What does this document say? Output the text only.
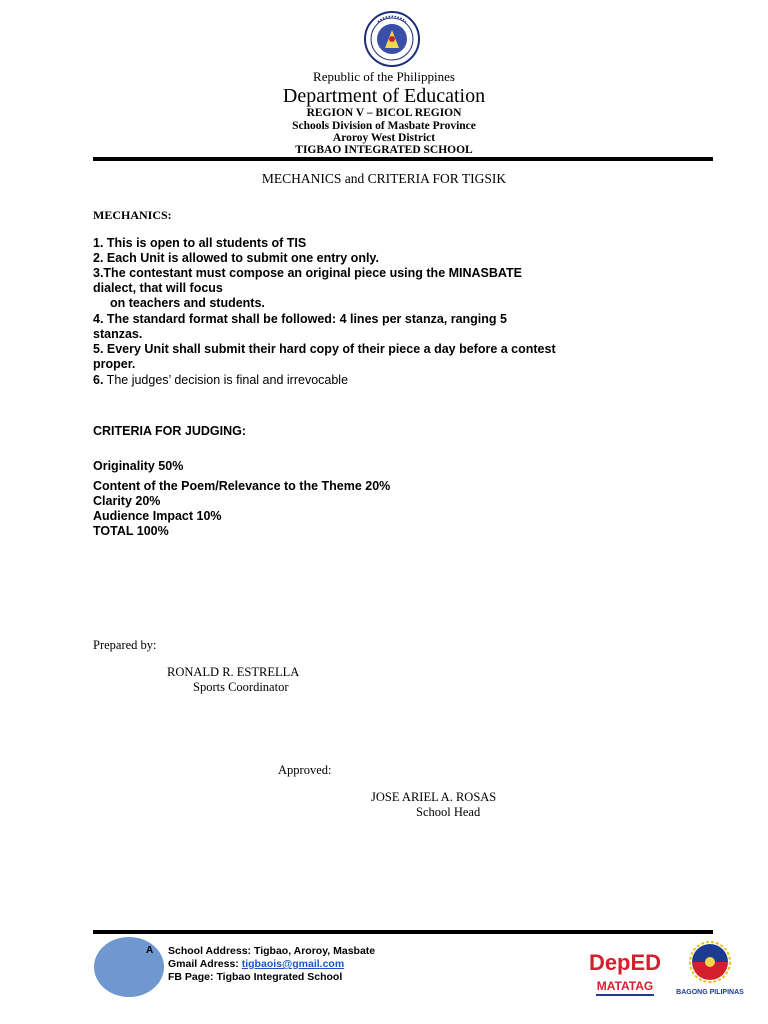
Republic of the Philippines
Department of Education
REGION V – BICOL REGION
Schools Division of Masbate Province
Aroroy West District
TIGBAO INTEGRATED SCHOOL
MECHANICS and CRITERIA FOR TIGSIK
MECHANICS:
1. This is open to all students of TIS
2. Each Unit is allowed to submit one entry only.
3.The contestant must compose an original piece using the MINASBATE
dialect, that will focus
on teachers and students.
4. The standard format shall be followed: 4 lines per stanza, ranging 5
stanzas.
5. Every Unit shall submit their hard copy of their piece a day before a contest
proper.
6. The judges’ decision is final and irrevocable
CRITERIA FOR JUDGING:
Originality 50%
Content of the Poem/Relevance to the Theme 20%
Clarity 20%
Audience Impact 10%
TOTAL 100%
Prepared by:
RONALD R. ESTRELLA
Sports Coordinator
Approved:
JOSE ARIEL A. ROSAS
School Head
A School Address: Tigbao, Aroroy, Masbate
Gmail Adress: tigbaois@gmail.com
FB Page: Tigbao Integrated School
DepED
MATATAG	BAGONG PILIPINAS
